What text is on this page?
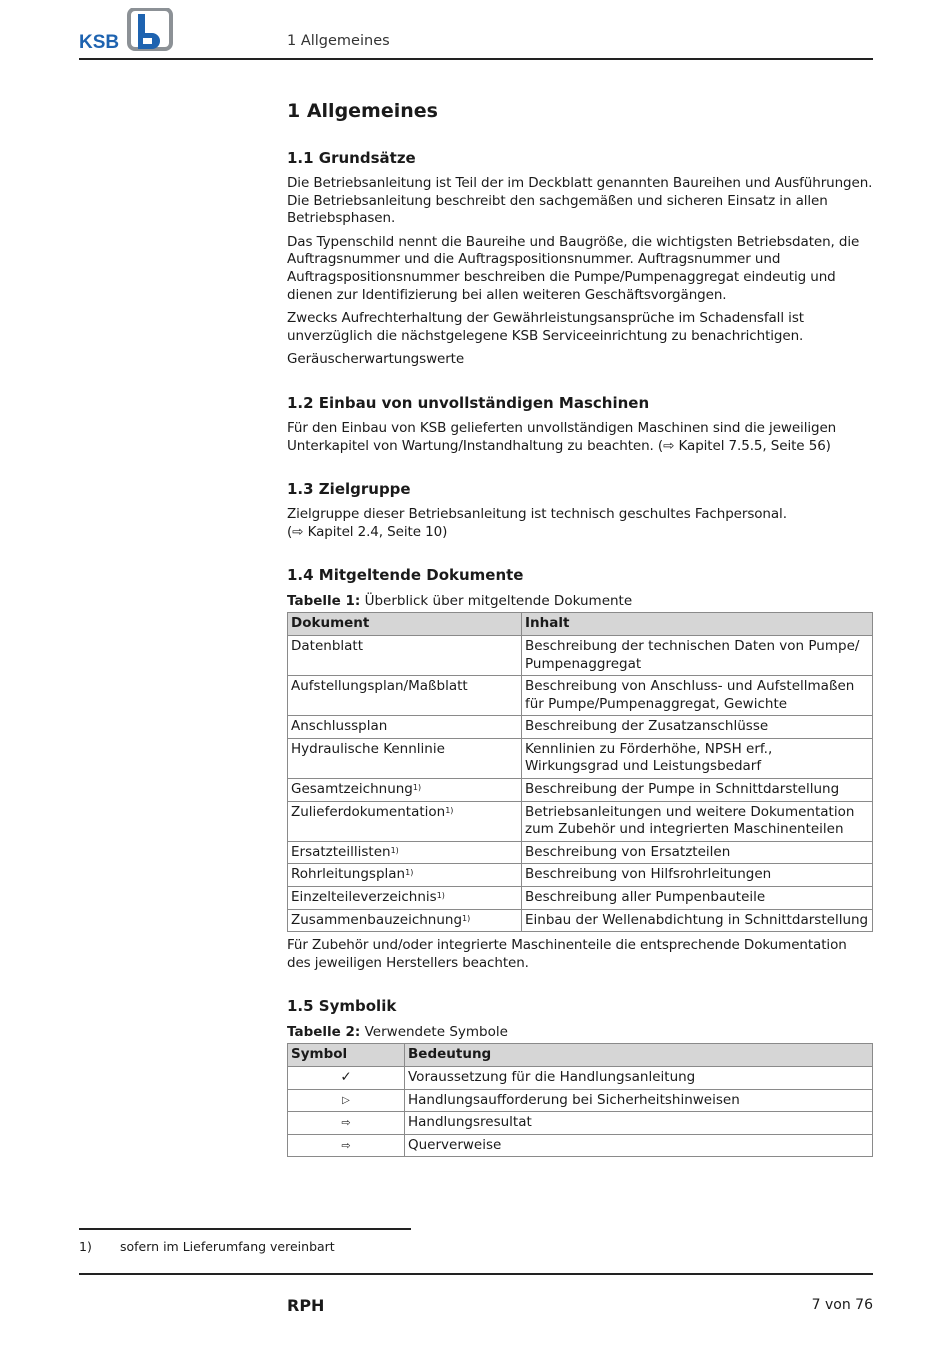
KSB	1 Allgemeines
1 Allgemeines
1.1 Grundsätze

Die Betriebsanleitung ist Teil der im Deckblatt genannten Baureihen und Ausführungen. Die Betriebsanleitung beschreibt den sachgemäßen und sicheren Einsatz in allen Betriebsphasen.

Das Typenschild nennt die Baureihe und Baugröße, die wichtigsten Betriebsdaten, die Auftragsnummer und die Auftragspositionsnummer. Auftragsnummer und Auftragspositionsnummer beschreiben die Pumpe/Pumpenaggregat eindeutig und dienen zur Identifizierung bei allen weiteren Geschäftsvorgängen.

Zwecks Aufrechterhaltung der Gewährleistungsansprüche im Schadensfall ist unverzüglich die nächstgelegene KSB Serviceeinrichtung zu benachrichtigen.

Geräuscherwartungswerte

1.2 Einbau von unvollständigen Maschinen

Für den Einbau von KSB gelieferten unvollständigen Maschinen sind die jeweiligen Unterkapitel von Wartung/Instandhaltung zu beachten. (⇨ Kapitel 7.5.5, Seite 56)

1.3 Zielgruppe

Zielgruppe dieser Betriebsanleitung ist technisch geschultes Fachpersonal.

(⇨ Kapitel 2.4, Seite 10)

1.4 Mitgeltende Dokumente
Tabelle 1: Überblick über mitgeltende Dokumente
Dokument	Inhalt
Datenblatt	Beschreibung der technischen Daten von Pumpe/ Pumpenaggregat
Aufstellungsplan/Maßblatt	Beschreibung von Anschluss- und Aufstellmaßen für Pumpe/Pumpenaggregat, Gewichte
Anschlussplan	Beschreibung der Zusatzanschlüsse
Hydraulische Kennlinie	Kennlinien zu Förderhöhe, NPSH erf., Wirkungsgrad und Leistungsbedarf
Gesamtzeichnung$^{1)}$	Beschreibung der Pumpe in Schnittdarstellung
Zulieferdokumentation$^{1)}$	Betriebsanleitungen und weitere Dokumentation zum Zubehör und integrierten Maschinenteilen
Ersatzteillisten$^{1)}$	Beschreibung von Ersatzteilen
Rohrleitungsplan$^{1)}$	Beschreibung von Hilfsrohrleitungen
Einzelteileverzeichnis$^{1)}$	Beschreibung aller Pumpenbauteile
Zusammenbauzeichnung$^{1)}$	Einbau der Wellenabdichtung in Schnittdarstellung

Für Zubehör und/oder integrierte Maschinenteile die entsprechende Dokumentation des jeweiligen Herstellers beachten.

1.5 Symbolik
Tabelle 2: Verwendete Symbole
Symbol	Bedeutung
✓	Voraussetzung für die Handlungsanleitung
▷	Handlungsaufforderung bei Sicherheitshinweisen
⇨	Handlungsresultat
⇨	Querverweise
1) sofern im Lieferumfang vereinbart
RPH	7 von 76
